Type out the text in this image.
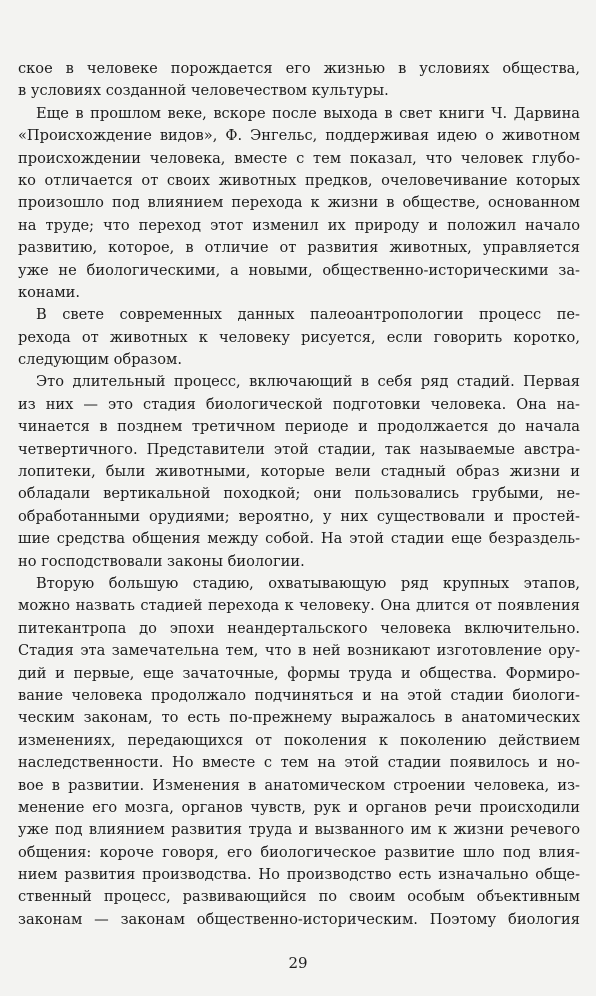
ское в человеке порождается его жизнью в условиях обществa,
в условиях созданной человечеством культуры.
Еще в прошлом веке, вскоре после выхода в свет книги Ч. Дарвина
«Происхождение видов», Ф. Энгельс, поддерживая идею о животном
происхождении человека, вместе с тем показал, что человек глубо-
ко отличается от своих животных предков, очеловечивание которых
произошло под влиянием перехода к жизни в обществе, основанном
на труде; что переход этот изменил их природу и положил начало
развитию, которое, в отличие от развития животных, управляется
уже не биологическими, а новыми, общественно-историческими за-
конами.
В свете современных данных палеоантропологии процесс пе-
рехода от животных к человеку рисуется, если говорить коротко,
следующим образом.
Это длительный процесс, включающий в себя ряд стадий. Первая
из них — это стадия биологической подготовки человека. Она на-
чинается в позднем третичном периоде и продолжается до начала
четвертичного. Представители этой стадии, так называемые австра-
лопитеки, были животными, которые вели стадный образ жизни и
обладали вертикальной походкой; они пользовались грубыми, не-
обработанными орудиями; вероятно, у них существовали и простей-
шие средства общения между собой. На этой стадии еще безраздель-
но господствовали законы биологии.
Вторую большую стадию, охватывающую ряд крупных этапов,
можно назвать стадией перехода к человеку. Она длится от появления
питекантропа до эпохи неандертальского человека включительно.
Стадия эта замечательна тем, что в ней возникают изготовление ору-
дий и первые, еще зачаточные, формы труда и общества. Формиро-
вание человека продолжало подчиняться и на этой стадии биологи-
ческим законам, то есть по-прежнему выражалось в анатомических
изменениях, передающихся от поколения к поколению действием
наследственности. Но вместе с тем на этой стадии появилось и но-
вое в развитии. Изменения в анатомическом строении человека, из-
менение его мозга, органов чувств, рук и органов речи происходили
уже под влиянием развития труда и вызванного им к жизни речевого
общения: короче говоря, его биологическое развитие шло под влия-
нием развития производства. Но производство есть изначально обще-
ственный процесс, развивающийся по своим особым объективным
законам — законам общественно-историческим. Поэтому биология
29
